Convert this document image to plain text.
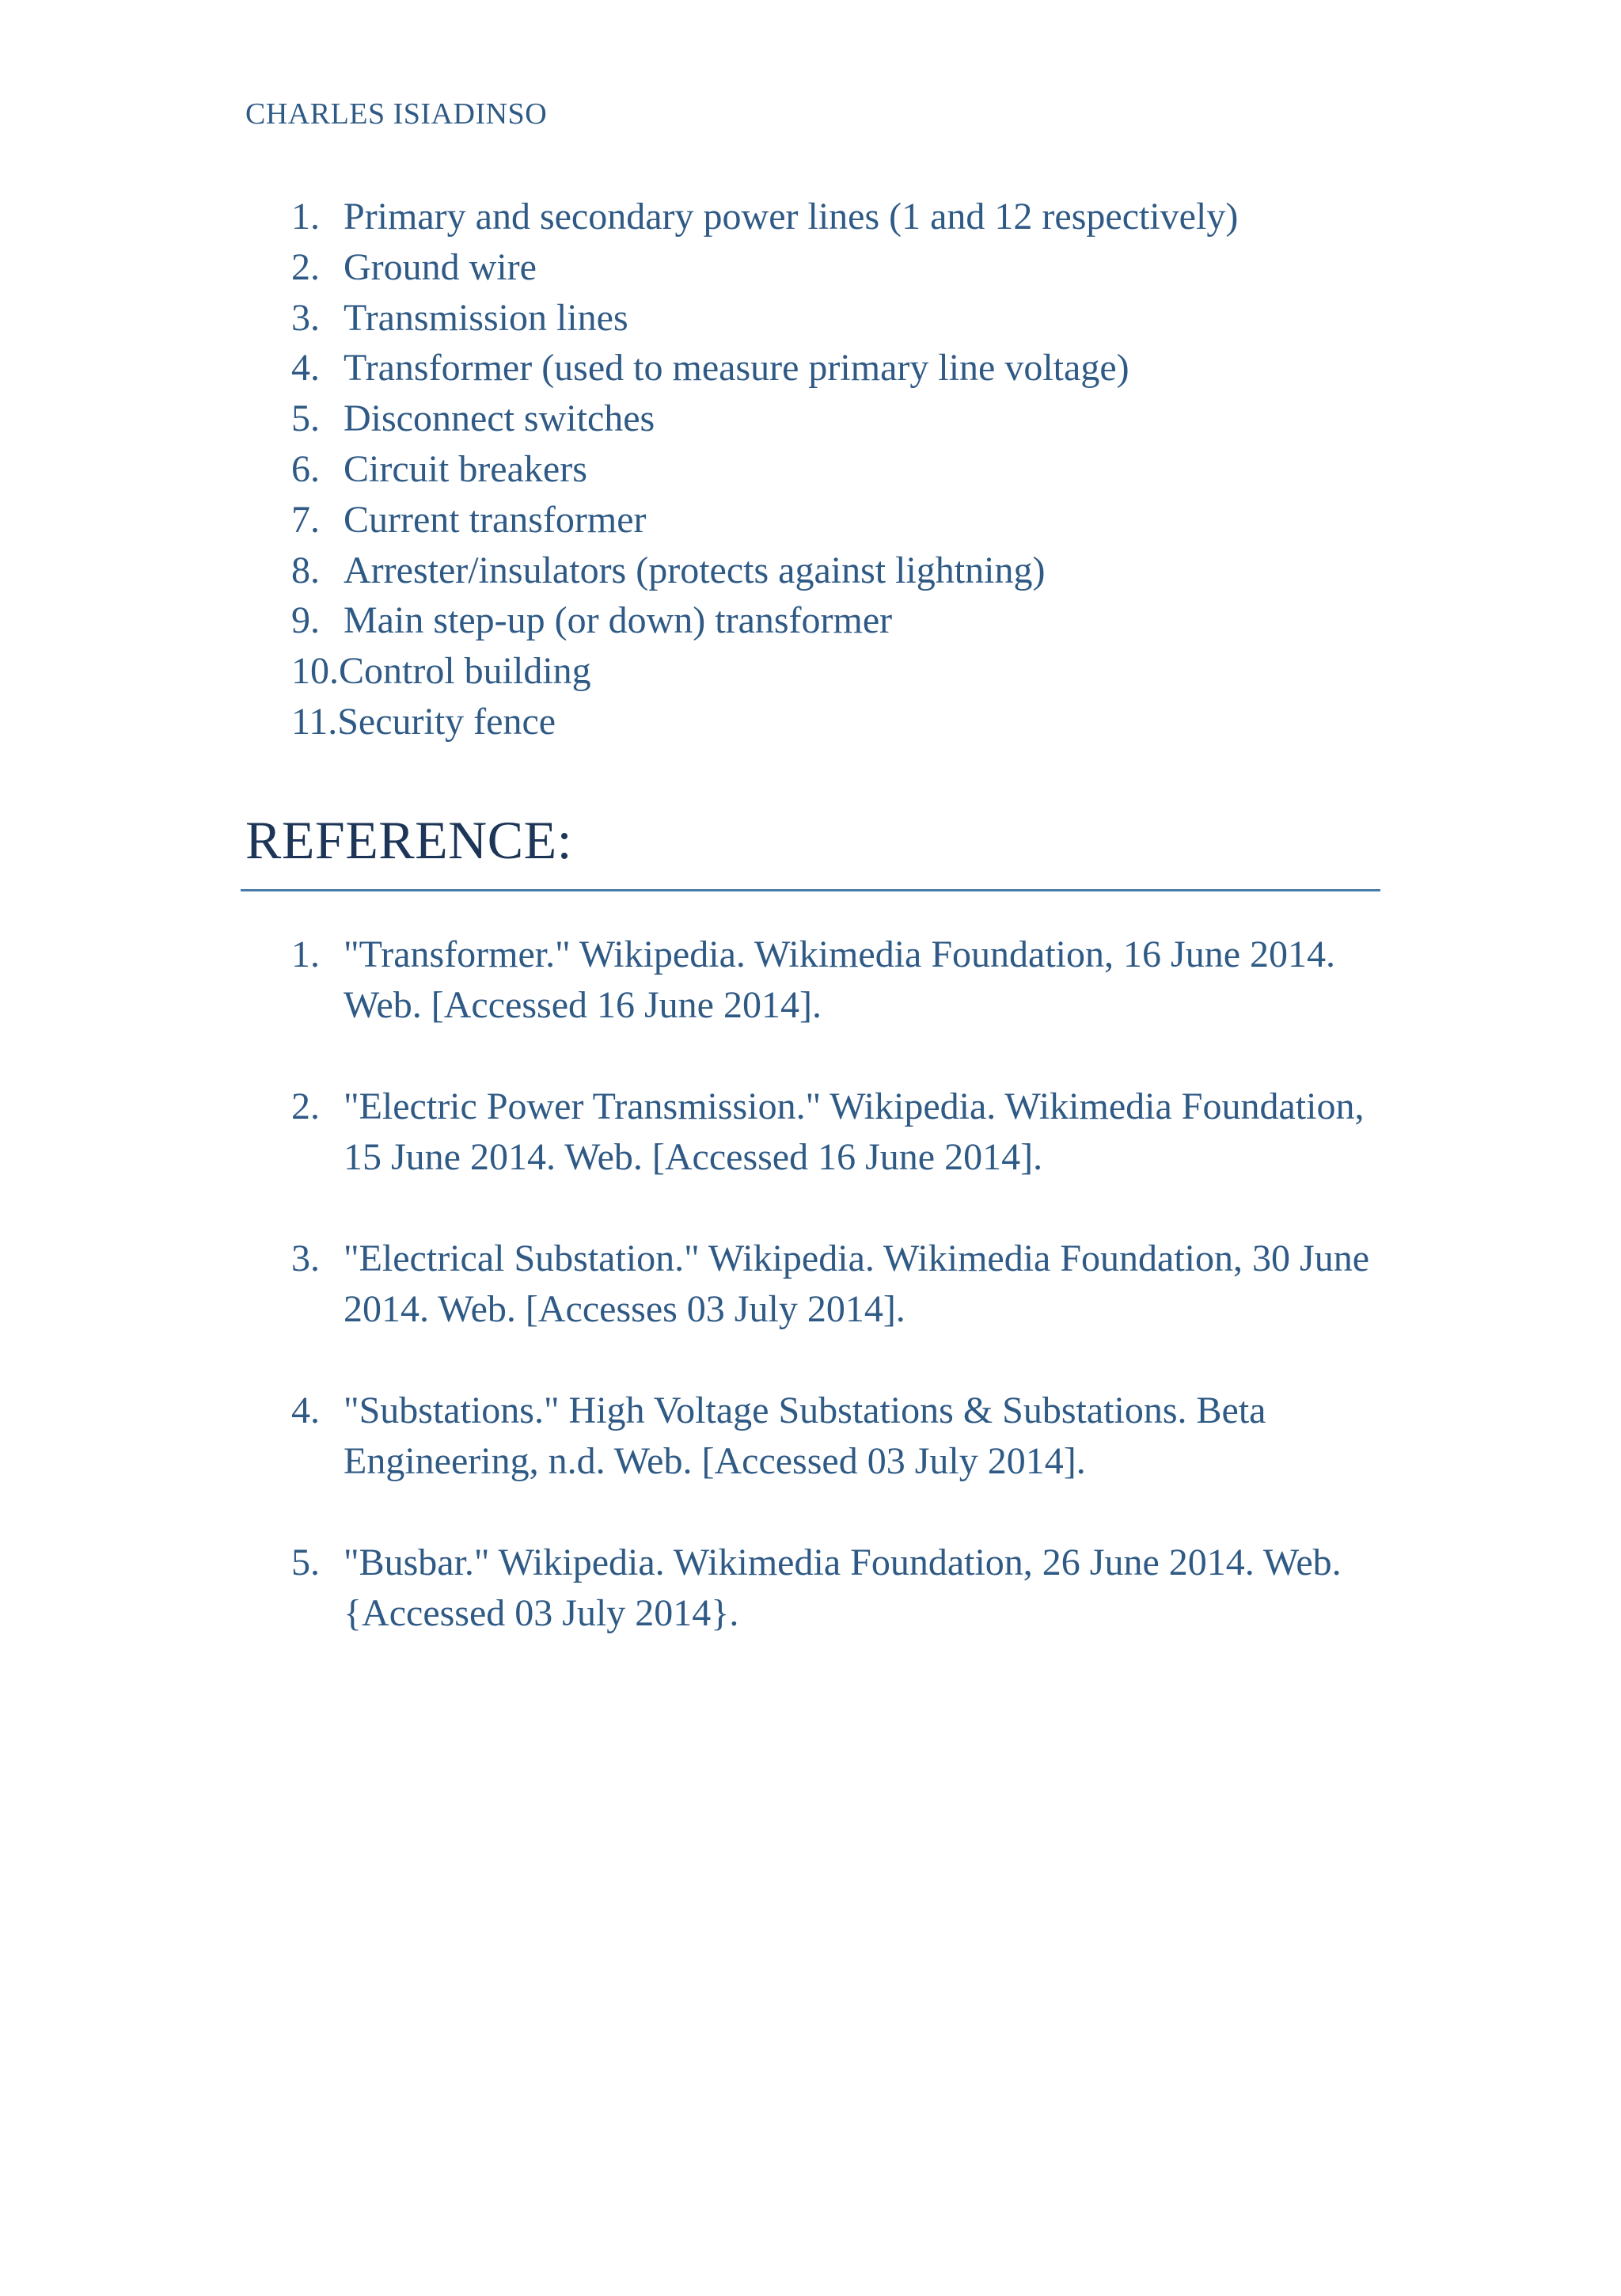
CHARLES ISIADINSO
1. Primary and secondary power lines (1 and 12 respectively)
2. Ground wire
3. Transmission lines
4. Transformer (used to measure primary line voltage)
5. Disconnect switches
6. Circuit breakers
7. Current transformer
8. Arrester/insulators (protects against lightning)
9. Main step-up (or down) transformer
10. Control building
11. Security fence
REFERENCE:
1. "Transformer." Wikipedia. Wikimedia Foundation, 16 June 2014. Web. [Accessed 16 June 2014].
2. "Electric Power Transmission." Wikipedia. Wikimedia Foundation, 15 June 2014. Web. [Accessed 16 June 2014].
3. "Electrical Substation." Wikipedia. Wikimedia Foundation, 30 June 2014. Web. [Accesses 03 July 2014].
4. "Substations." High Voltage Substations & Substations. Beta Engineering, n.d. Web. [Accessed 03 July 2014].
5. "Busbar." Wikipedia. Wikimedia Foundation, 26 June 2014. Web. {Accessed 03 July 2014}.
